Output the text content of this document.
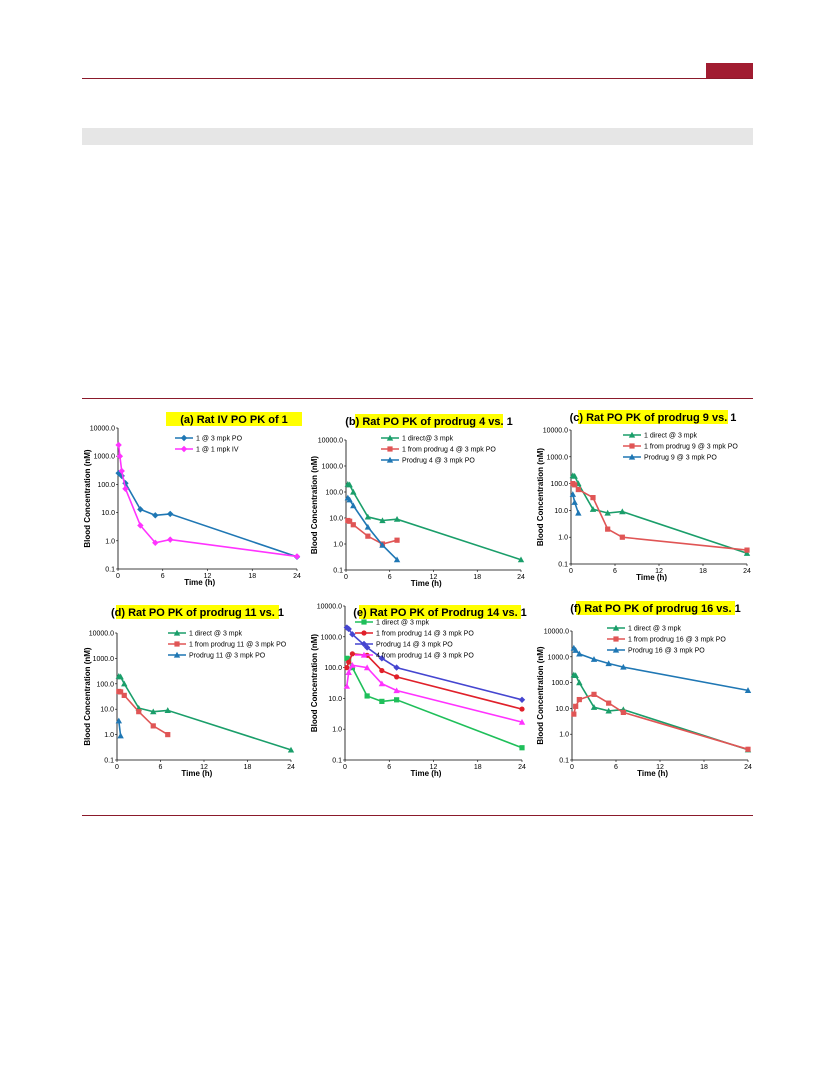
10000.0
1000.0
100.0
10.0
1.0
0.1
0	6	12	18	24
Time (h)
Blood Concentration (nM)
(a) Rat IV PO PK of 1
1 @ 3 mpk PO
1 @ 1 mpk IV
10000.0
1000.0
100.0
10.0
1.0
0.1
0	6	12	18	24
Time (h)
Blood Concentration (nM)
(b) Rat PO PK of prodrug 4 vs. 1
1 direct@ 3 mpk
1 from prodrug 4 @ 3 mpk PO
Prodrug 4 @ 3 mpk PO
10000.0
1000.0
100.0
10.0
1.0
0.1
0	6	12	18	24
Time (h)
Blood Concentration (nM)
(c) Rat PO PK of prodrug 9 vs. 1
1 direct @ 3 mpk
1 from prodrug 9 @ 3 mpk PO
Prodrug 9 @ 3 mpk PO
10000.0
1000.0
100.0
10.0
1.0
0.1
0	6	12	18	24
Time (h)
Blood Concentration (nM)
(d) Rat PO PK of prodrug 11 vs. 1
1 direct @ 3 mpk
1 from prodrug 11 @ 3 mpk PO
Prodrug 11 @ 3 mpk PO
10000.0
1000.0
100.0
10.0
1.0
0.1
0	6	12	18	24
Time (h)
Blood Concentration (nM)
(e) Rat PO PK of Prodrug 14 vs. 1
1 direct @ 3 mpk
1 from prodrug 14 @ 3 mpk PO
Prodrug 14 @ 3 mpk PO
4 from prodrug 14 @ 3 mpk PO
10000.0
1000.0
100.0
10.0
1.0
0.1
0	6	12	18	24
Time (h)
Blood Concentration (nM)
(f) Rat PO PK of prodrug 16 vs. 1
1 direct @ 3 mpk
1 from prodrug 16 @ 3 mpk PO
Prodrug 16 @ 3 mpk PO
